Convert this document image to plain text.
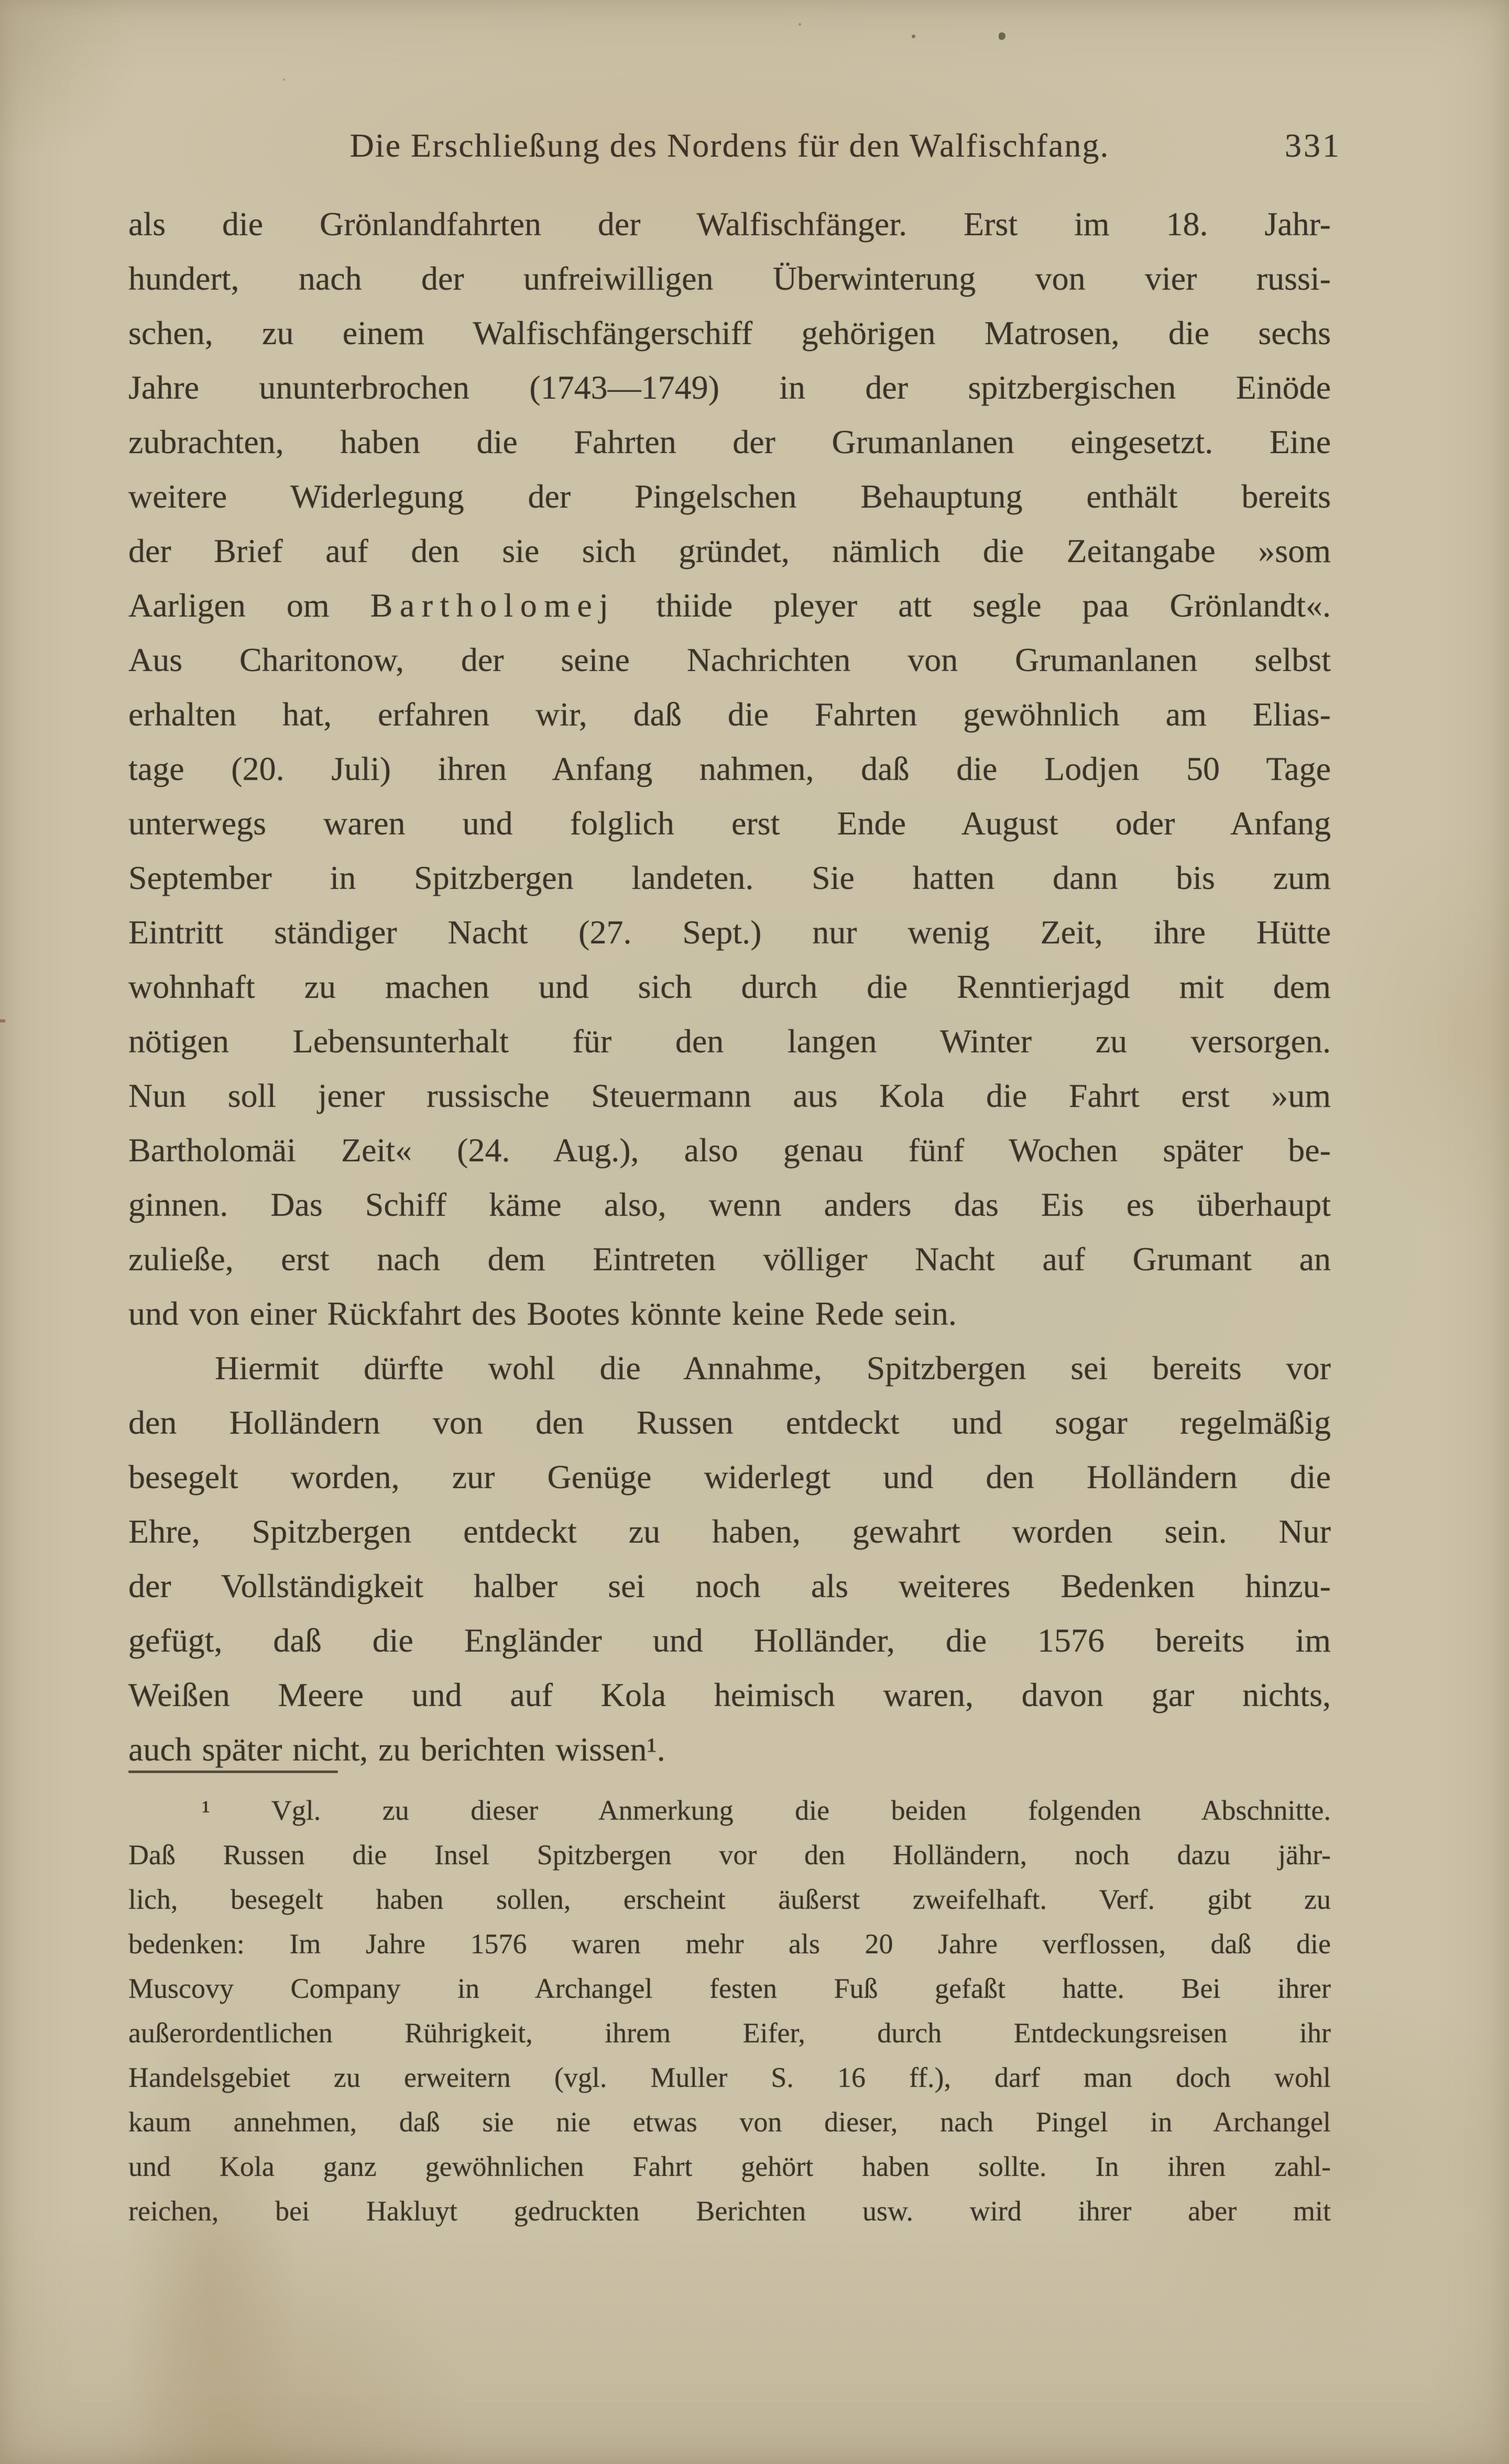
Die Erschließung des Nordens für den Walfischfang.	331
als die Grönlandfahrten der Walfischfänger. Erst im 18. Jahr-
hundert, nach der unfreiwilligen Überwinterung von vier russi-
schen, zu einem Walfischfängerschiff gehörigen Matrosen, die sechs
Jahre ununterbrochen (1743—1749) in der spitzbergischen Einöde
zubrachten, haben die Fahrten der Grumanlanen eingesetzt. Eine
weitere Widerlegung der Pingelschen Behauptung enthält bereits
der Brief auf den sie sich gründet, nämlich die Zeitangabe »som
Aarligen om Bartholomej thiide pleyer att segle paa Grönlandt«.
Aus Charitonow, der seine Nachrichten von Grumanlanen selbst
erhalten hat, erfahren wir, daß die Fahrten gewöhnlich am Elias-
tage (20. Juli) ihren Anfang nahmen, daß die Lodjen 50 Tage
unterwegs waren und folglich erst Ende August oder Anfang
September in Spitzbergen landeten. Sie hatten dann bis zum
Eintritt ständiger Nacht (27. Sept.) nur wenig Zeit, ihre Hütte
wohnhaft zu machen und sich durch die Renntierjagd mit dem
nötigen Lebensunterhalt für den langen Winter zu versorgen.
Nun soll jener russische Steuermann aus Kola die Fahrt erst »um
Bartholomäi Zeit« (24. Aug.), also genau fünf Wochen später be-
ginnen. Das Schiff käme also, wenn anders das Eis es überhaupt
zuließe, erst nach dem Eintreten völliger Nacht auf Grumant an
und von einer Rückfahrt des Bootes könnte keine Rede sein.
Hiermit dürfte wohl die Annahme, Spitzbergen sei bereits vor
den Holländern von den Russen entdeckt und sogar regelmäßig
besegelt worden, zur Genüge widerlegt und den Holländern die
Ehre, Spitzbergen entdeckt zu haben, gewahrt worden sein. Nur
der Vollständigkeit halber sei noch als weiteres Bedenken hinzu-
gefügt, daß die Engländer und Holländer, die 1576 bereits im
Weißen Meere und auf Kola heimisch waren, davon gar nichts,
auch später nicht, zu berichten wissen¹.
¹ Vgl. zu dieser Anmerkung die beiden folgenden Abschnitte.
Daß Russen die Insel Spitzbergen vor den Holländern, noch dazu jähr-
lich, besegelt haben sollen, erscheint äußerst zweifelhaft. Verf. gibt zu
bedenken: Im Jahre 1576 waren mehr als 20 Jahre verflossen, daß die
Muscovy Company in Archangel festen Fuß gefaßt hatte. Bei ihrer
außerordentlichen Rührigkeit, ihrem Eifer, durch Entdeckungsreisen ihr
Handelsgebiet zu erweitern (vgl. Muller S. 16 ff.), darf man doch wohl
kaum annehmen, daß sie nie etwas von dieser, nach Pingel in Archangel
und Kola ganz gewöhnlichen Fahrt gehört haben sollte. In ihren zahl-
reichen, bei Hakluyt gedruckten Berichten usw. wird ihrer aber mit
